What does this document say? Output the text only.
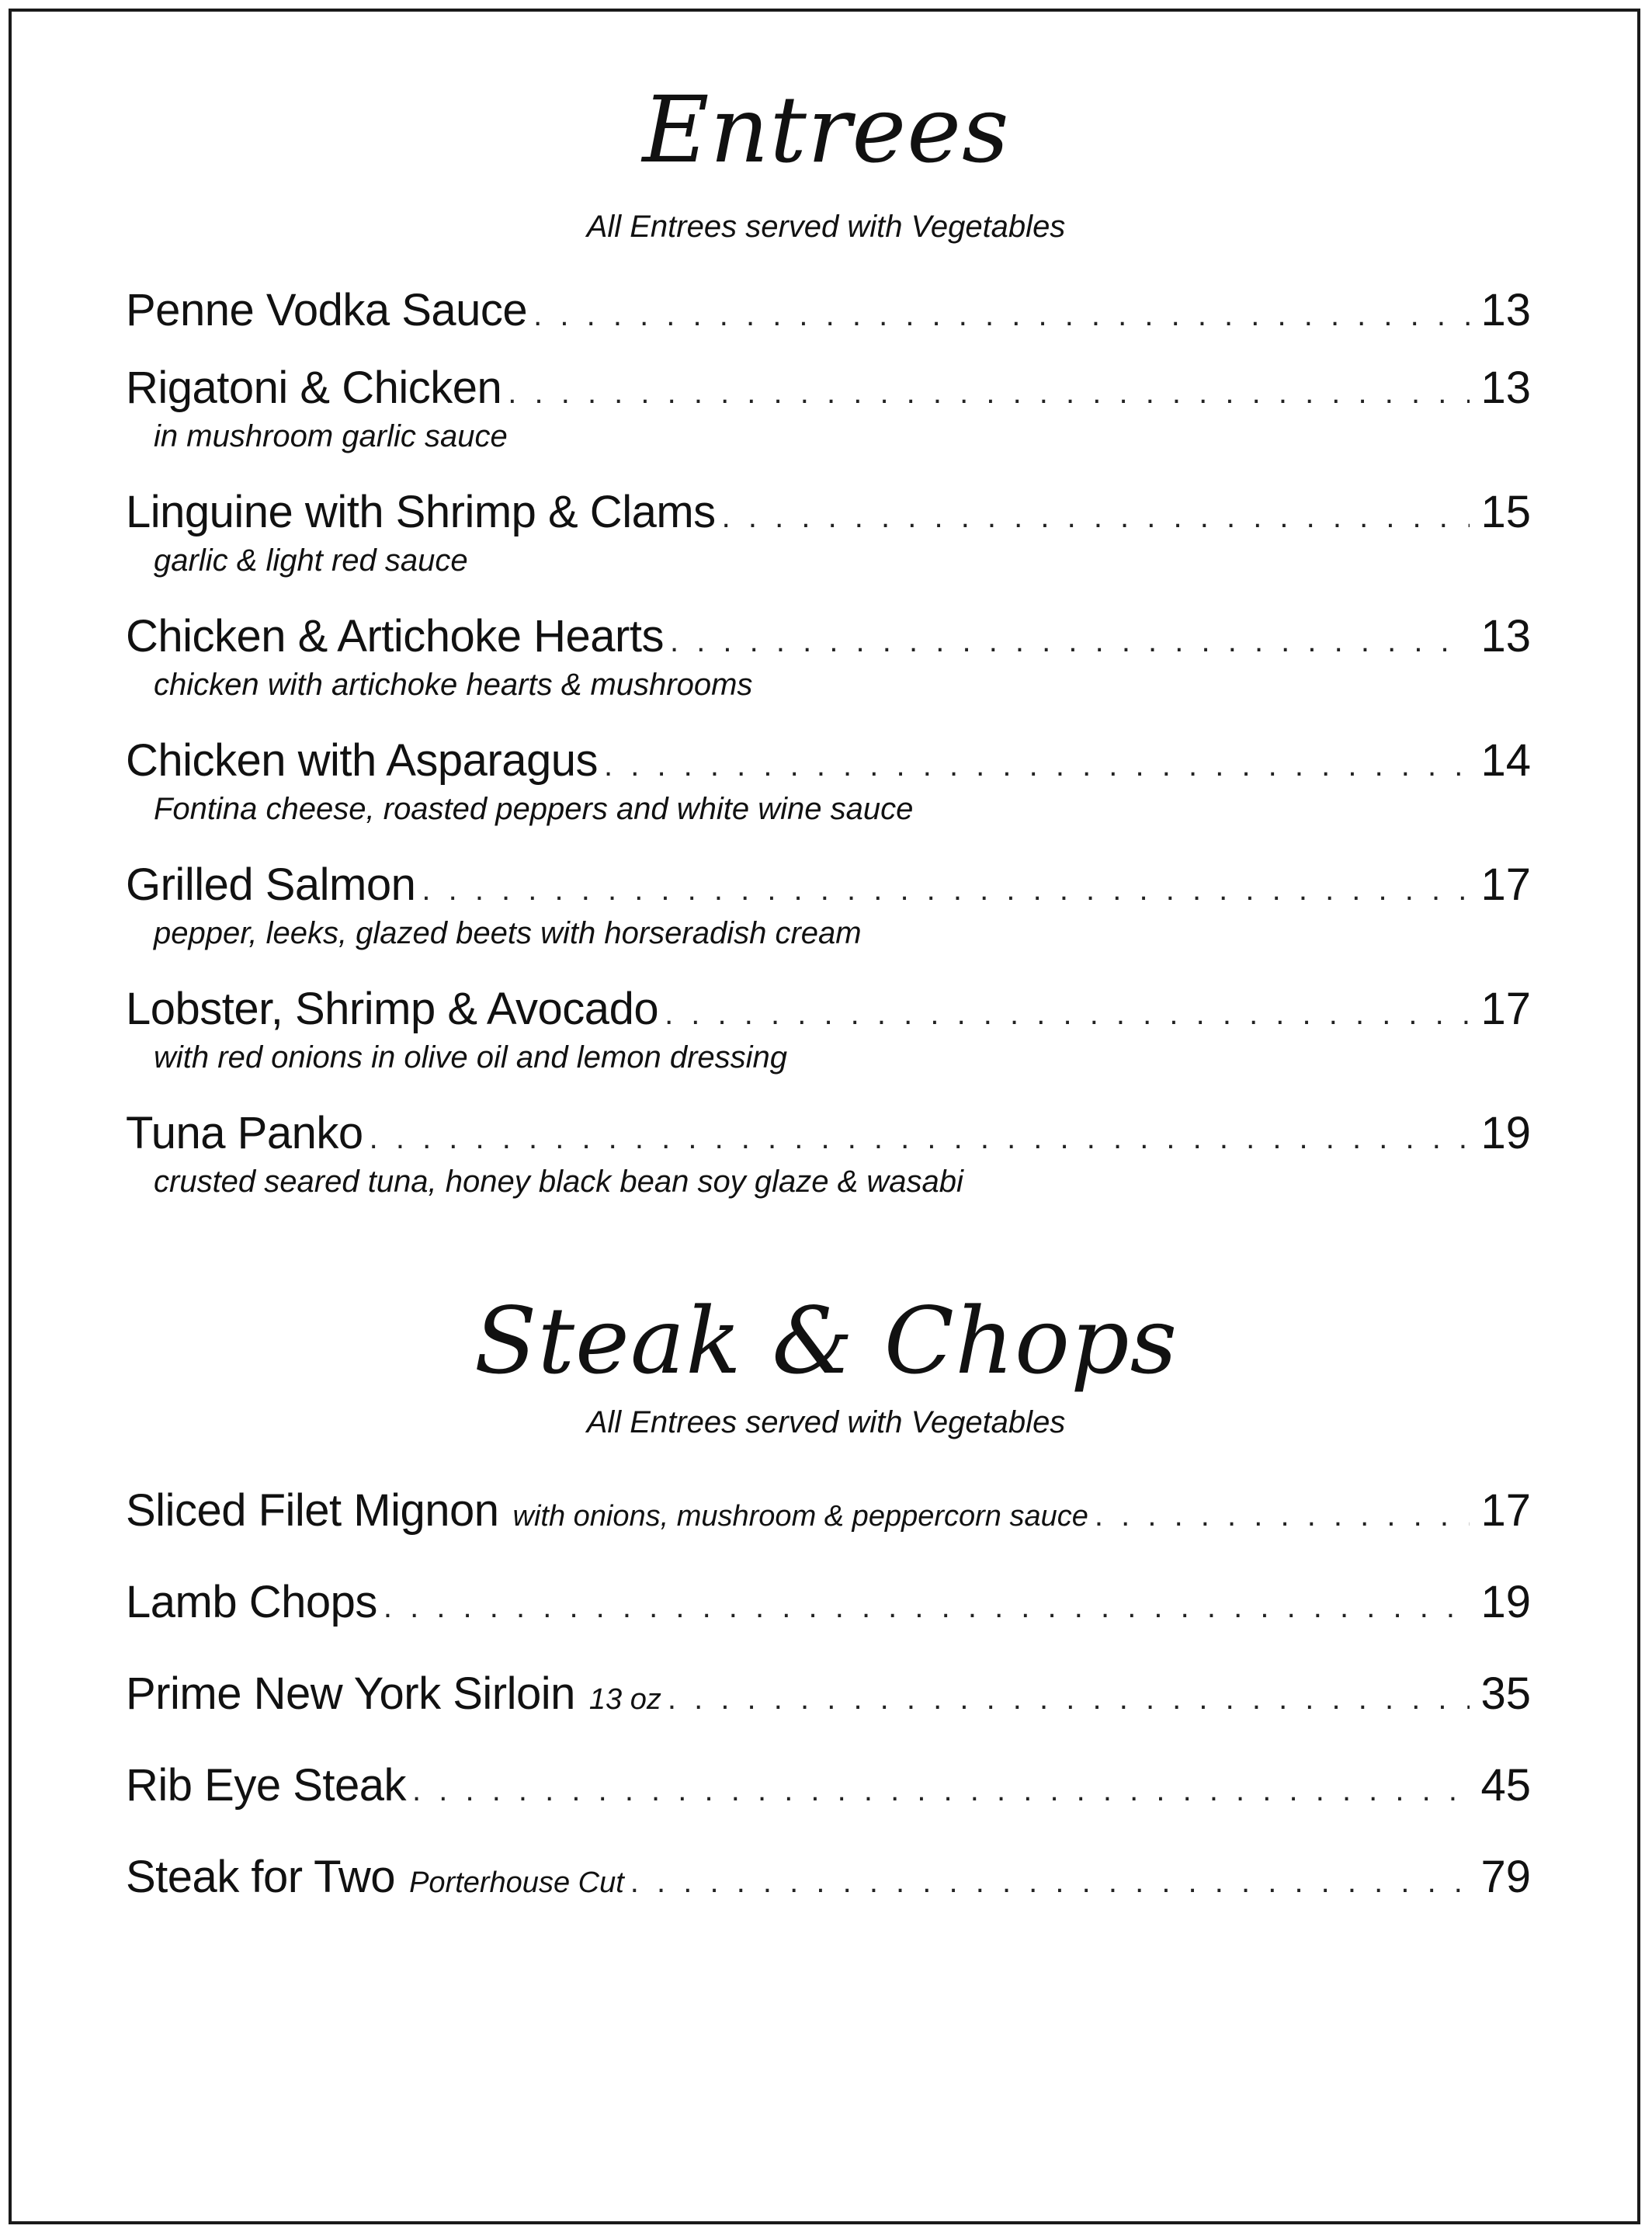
Entrees
All Entrees served with Vegetables
Penne Vodka Sauce . . .	13
Rigatoni & Chicken . . .	13
in mushroom garlic sauce
Linguine with Shrimp & Clams . . .	15
garlic & light red sauce
Chicken & Artichoke Hearts . . .	13
chicken with artichoke hearts & mushrooms
Chicken with Asparagus . . .	14
Fontina cheese, roasted peppers and white wine sauce
Grilled Salmon . . .	17
pepper, leeks, glazed beets with horseradish cream
Lobster, Shrimp & Avocado . . .	17
with red onions in olive oil and lemon dressing
Tuna Panko . . .	19
crusted seared tuna, honey black bean soy glaze & wasabi
Steak & Chops
All Entrees served with Vegetables
Sliced Filet Mignon with onions, mushroom & peppercorn sauce . . .	17
Lamb Chops . . .	19
Prime New York Sirloin 13 oz . . .	35
Rib Eye Steak . . .	45
Steak for Two Porterhouse Cut . . .	79
